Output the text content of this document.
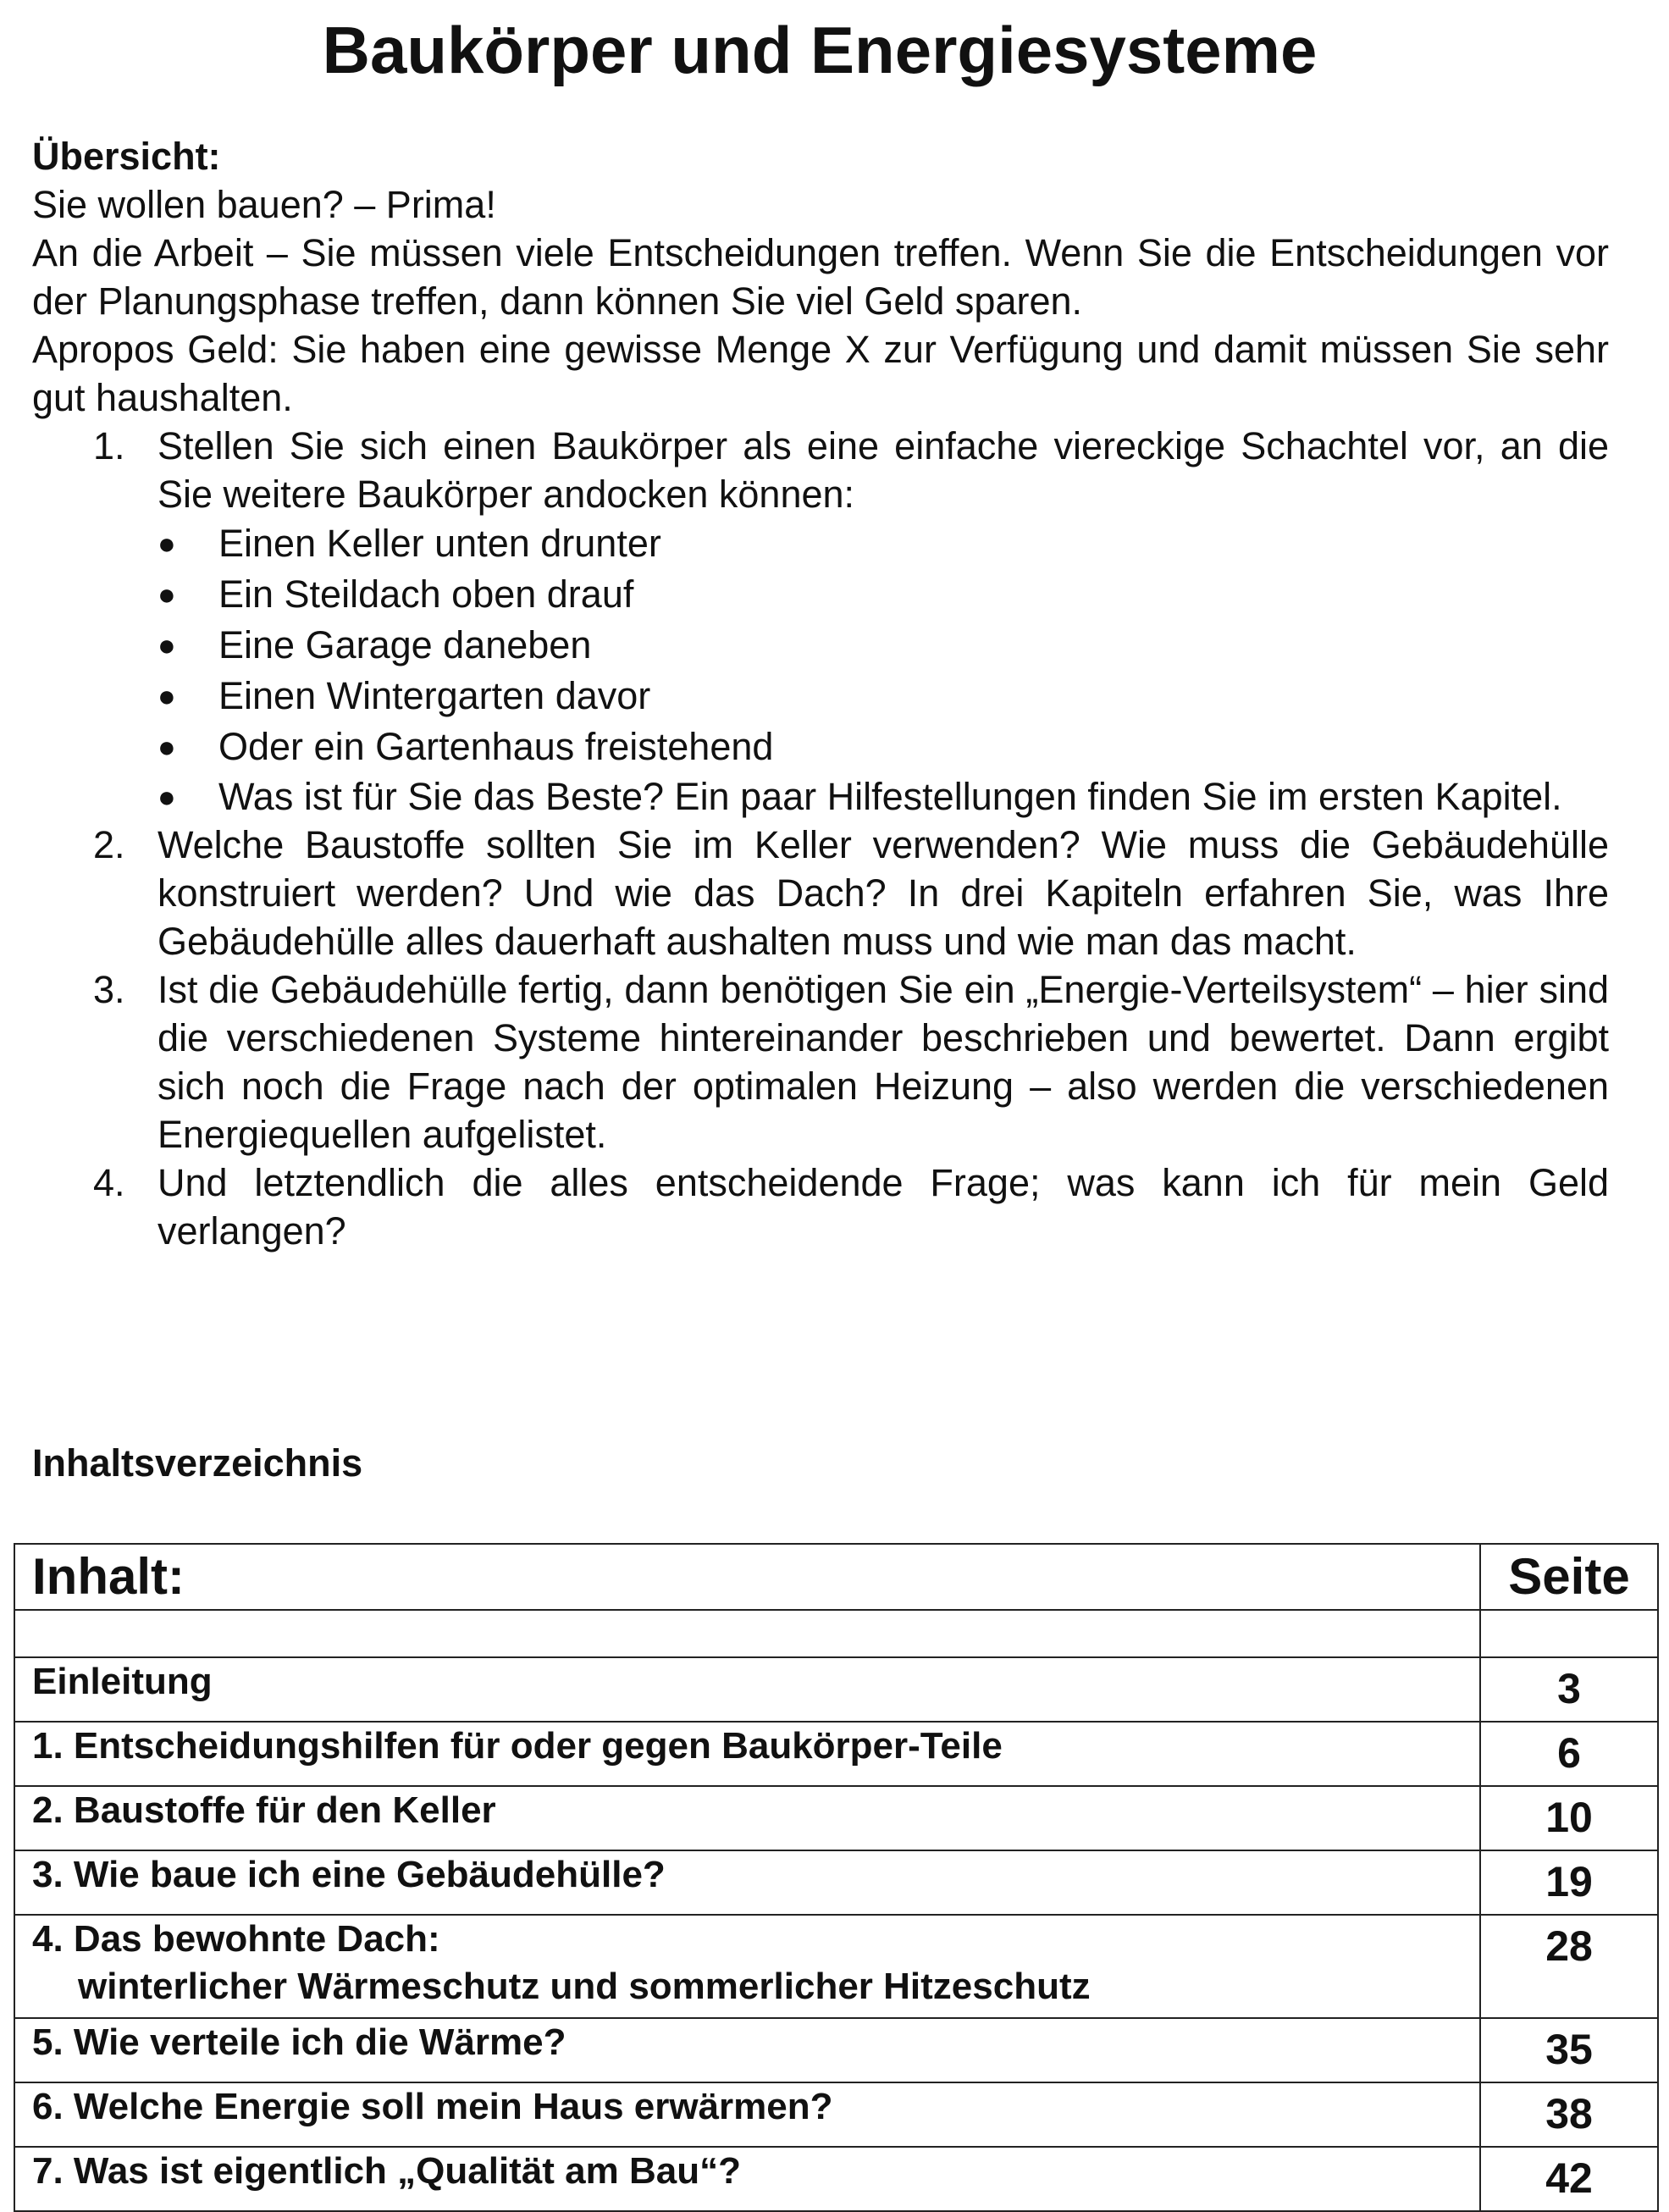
Baukörper und Energiesysteme
Übersicht:
Sie wollen bauen? – Prima!
An die Arbeit – Sie müssen viele Entscheidungen treffen. Wenn Sie die Entscheidungen vor der Planungsphase treffen, dann können Sie viel Geld sparen.
Apropos Geld: Sie haben eine gewisse Menge X zur Verfügung und damit müssen Sie sehr gut haushalten.
1. Stellen Sie sich einen Baukörper als eine einfache viereckige Schachtel vor, an die Sie weitere Baukörper andocken können:
● Einen Keller unten drunter
● Ein Steildach oben drauf
● Eine Garage daneben
● Einen Wintergarten davor
● Oder ein Gartenhaus freistehend
● Was ist für Sie das Beste? Ein paar Hilfestellungen finden Sie im ersten Kapitel.
2. Welche Baustoffe sollten Sie im Keller verwenden? Wie muss die Gebäudehülle konstruiert werden? Und wie das Dach? In drei Kapiteln erfahren Sie, was Ihre Gebäudehülle alles dauerhaft aushalten muss und wie man das macht.
3. Ist die Gebäudehülle fertig, dann benötigen Sie ein „Energie-Verteilsystem“ – hier sind die verschiedenen Systeme hintereinander beschrieben und bewertet. Dann ergibt sich noch die Frage nach der optimalen Heizung – also werden die verschiedenen Energiequellen aufgelistet.
4. Und letztendlich die alles entscheidende Frage; was kann ich für mein Geld verlangen?
Inhaltsverzeichnis
Inhalt:	Seite

Einleitung	3
1. Entscheidungshilfen für oder gegen Baukörper-Teile	6
2. Baustoffe für den Keller	10
3. Wie baue ich eine Gebäudehülle?	19
4. Das bewohnte Dach:
winterlicher Wärmeschutz und sommerlicher Hitzeschutz	28
5. Wie verteile ich die Wärme?	35
6. Welche Energie soll mein Haus erwärmen?	38
7. Was ist eigentlich „Qualität am Bau“?	42
